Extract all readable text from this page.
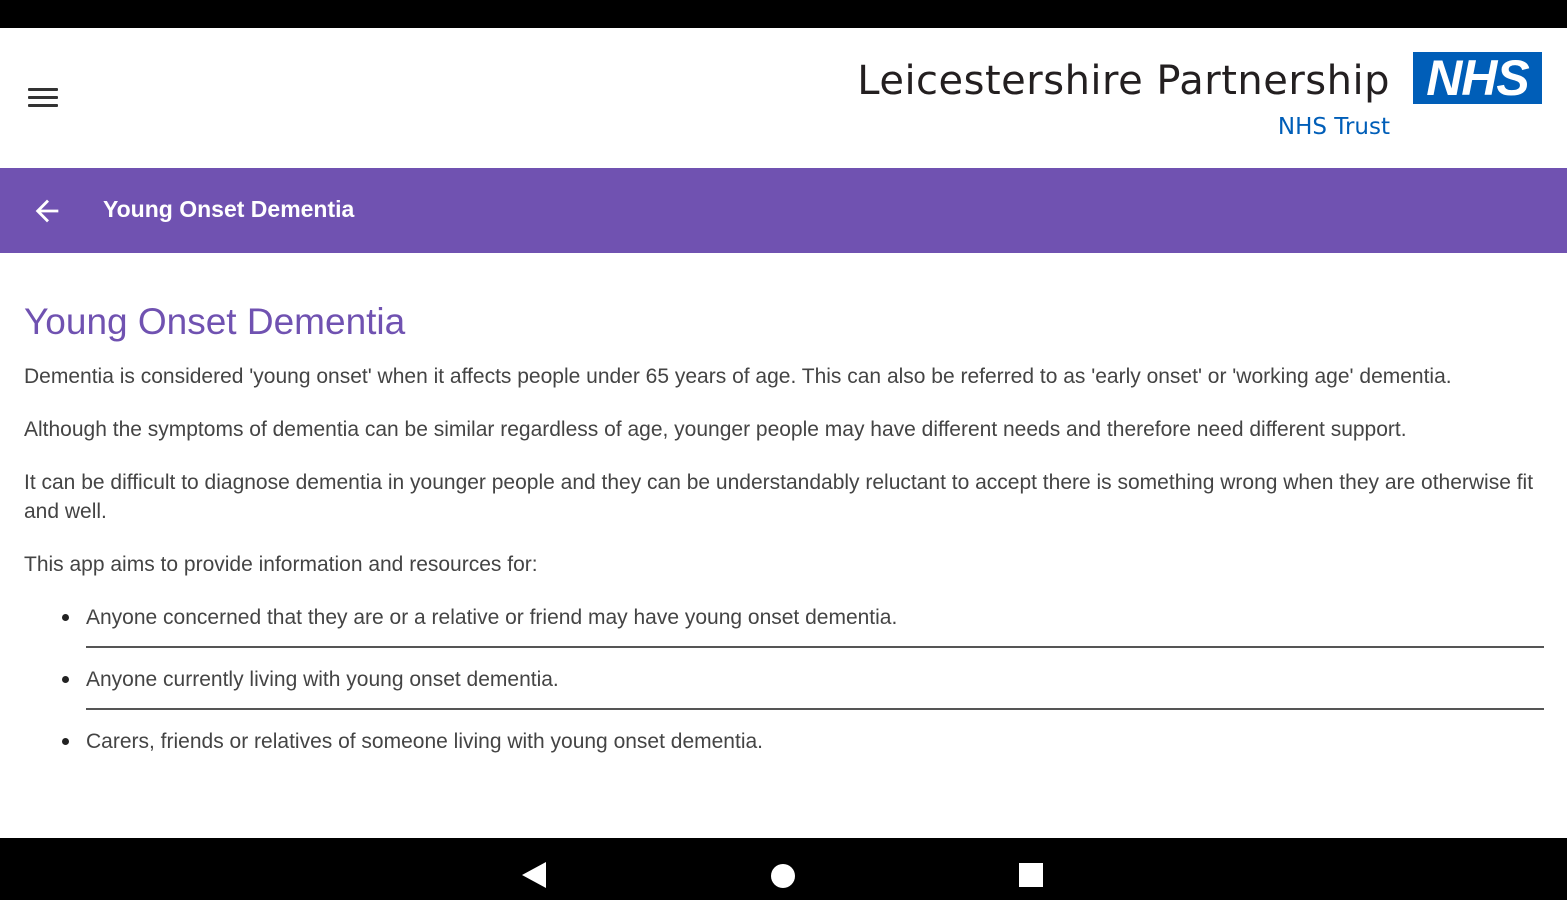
Leicestershire Partnership
NHS Trust
NHS
Young Onset Dementia
Young Onset Dementia

Dementia is considered 'young onset' when it affects people under 65 years of age. This can also be referred to as 'early onset' or 'working age' dementia.

Although the symptoms of dementia can be similar regardless of age, younger people may have different needs and therefore need different support.

It can be difficult to diagnose dementia in younger people and they can be understandably reluctant to accept there is something wrong when they are otherwise fit and well.

This app aims to provide information and resources for:

Anyone concerned that they are or a relative or friend may have young onset dementia.
Anyone currently living with young onset dementia.
Carers, friends or relatives of someone living with young onset dementia.
